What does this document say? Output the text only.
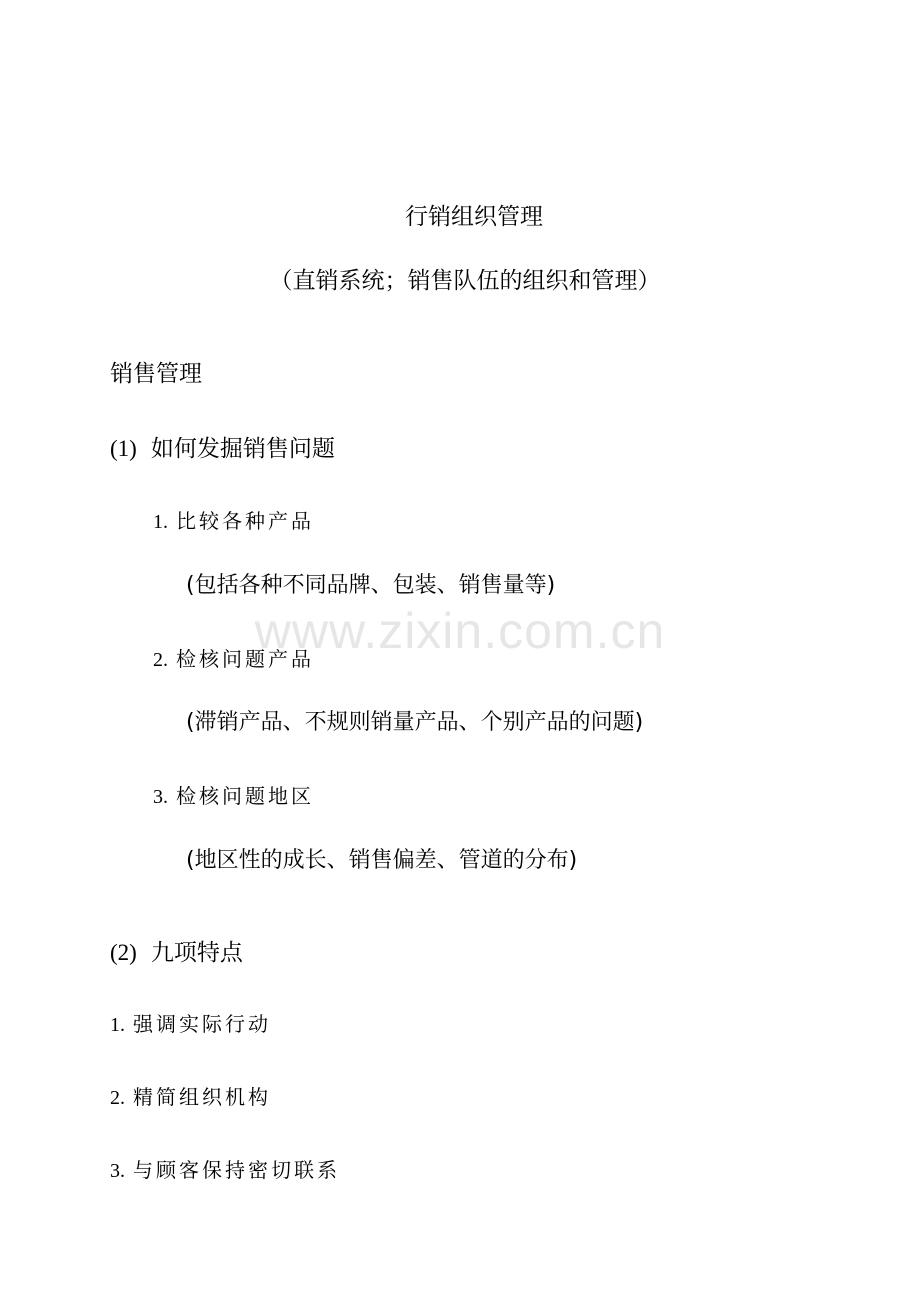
行销组织管理
（直销系统；销售队伍的组织和管理）
销售管理
(1) 如何发掘销售问题
1. 比较各种产品
(包括各种不同品牌、包装、销售量等)
2. 检核问题产品
(滞销产品、不规则销量产品、个别产品的问题)
3. 检核问题地区
(地区性的成长、销售偏差、管道的分布)
(2) 九项特点
1. 强调实际行动
2. 精简组织机构
3. 与顾客保持密切联系
www.zixin.com.cn
